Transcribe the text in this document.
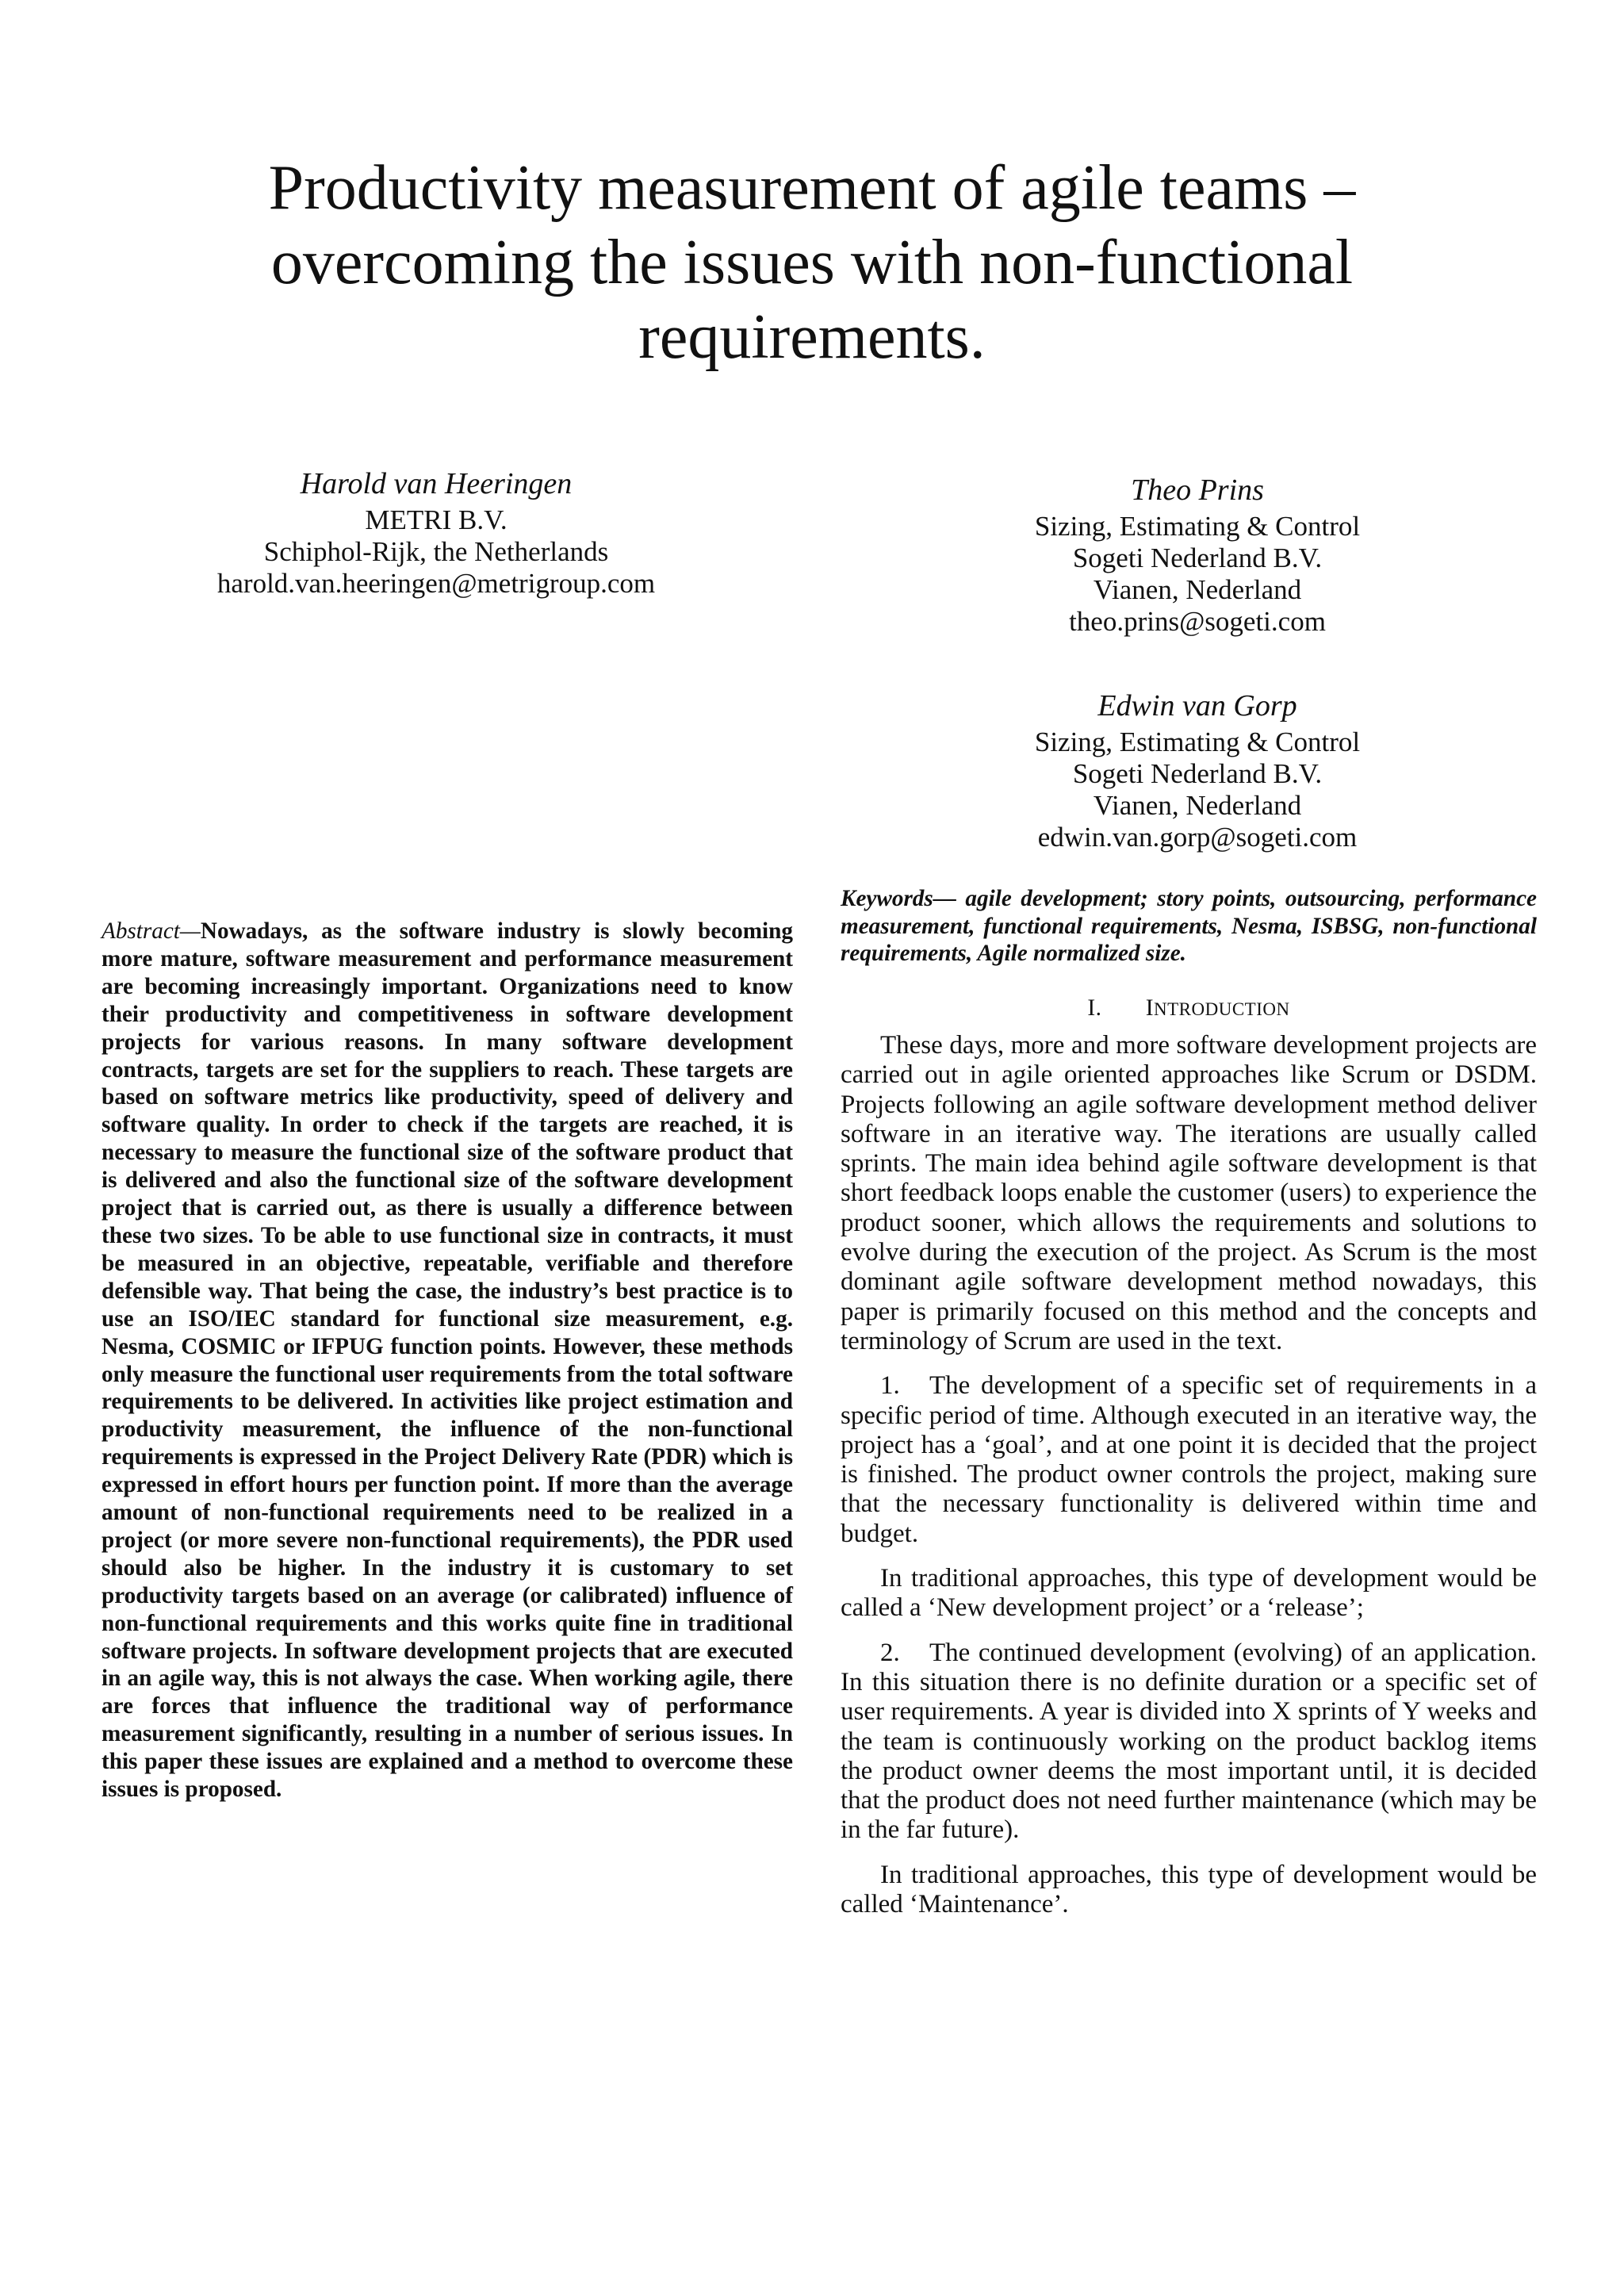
Productivity measurement of agile teams – overcoming the issues with non-functional requirements.
Harold van Heeringen
METRI B.V.
Schiphol-Rijk, the Netherlands
harold.van.heeringen@metrigroup.com
Theo Prins
Sizing, Estimating & Control
Sogeti Nederland B.V.
Vianen, Nederland
theo.prins@sogeti.com
Edwin van Gorp
Sizing, Estimating & Control
Sogeti Nederland B.V.
Vianen, Nederland
edwin.van.gorp@sogeti.com
Abstract—Nowadays, as the software industry is slowly becoming more mature, software measurement and performance measurement are becoming increasingly important. Organizations need to know their productivity and competitiveness in software development projects for various reasons. In many software development contracts, targets are set for the suppliers to reach. These targets are based on software metrics like productivity, speed of delivery and software quality. In order to check if the targets are reached, it is necessary to measure the functional size of the software product that is delivered and also the functional size of the software development project that is carried out, as there is usually a difference between these two sizes. To be able to use functional size in contracts, it must be measured in an objective, repeatable, verifiable and therefore defensible way. That being the case, the industry’s best practice is to use an ISO/IEC standard for functional size measurement, e.g. Nesma, COSMIC or IFPUG function points. However, these methods only measure the functional user requirements from the total software requirements to be delivered. In activities like project estimation and productivity measurement, the influence of the non-functional requirements is expressed in the Project Delivery Rate (PDR) which is expressed in effort hours per function point. If more than the average amount of non-functional requirements need to be realized in a project (or more severe non-functional requirements), the PDR used should also be higher. In the industry it is customary to set productivity targets based on an average (or calibrated) influence of non-functional requirements and this works quite fine in traditional software projects. In software development projects that are executed in an agile way, this is not always the case. When working agile, there are forces that influence the traditional way of performance measurement significantly, resulting in a number of serious issues. In this paper these issues are explained and a method to overcome these issues is proposed.
Keywords— agile development; story points, outsourcing, performance measurement, functional requirements, Nesma, ISBSG, non-functional requirements, Agile normalized size.
I. INTRODUCTION

These days, more and more software development projects are carried out in agile oriented approaches like Scrum or DSDM. Projects following an agile software development method deliver software in an iterative way. The iterations are usually called sprints. The main idea behind agile software development is that short feedback loops enable the customer (users) to experience the product sooner, which allows the requirements and solutions to evolve during the execution of the project. As Scrum is the most dominant agile software development method nowadays, this paper is primarily focused on this method and the concepts and terminology of Scrum are used in the text.

1. The development of a specific set of requirements in a specific period of time. Although executed in an iterative way, the project has a ‘goal’, and at one point it is decided that the project is finished. The product owner controls the project, making sure that the necessary functionality is delivered within time and budget.

In traditional approaches, this type of development would be called a ‘New development project’ or a ‘release’;

2. The continued development (evolving) of an application. In this situation there is no definite duration or a specific set of user requirements. A year is divided into X sprints of Y weeks and the team is continuously working on the product backlog items the product owner deems the most important until, it is decided that the product does not need further maintenance (which may be in the far future).

In traditional approaches, this type of development would be called ‘Maintenance’.
